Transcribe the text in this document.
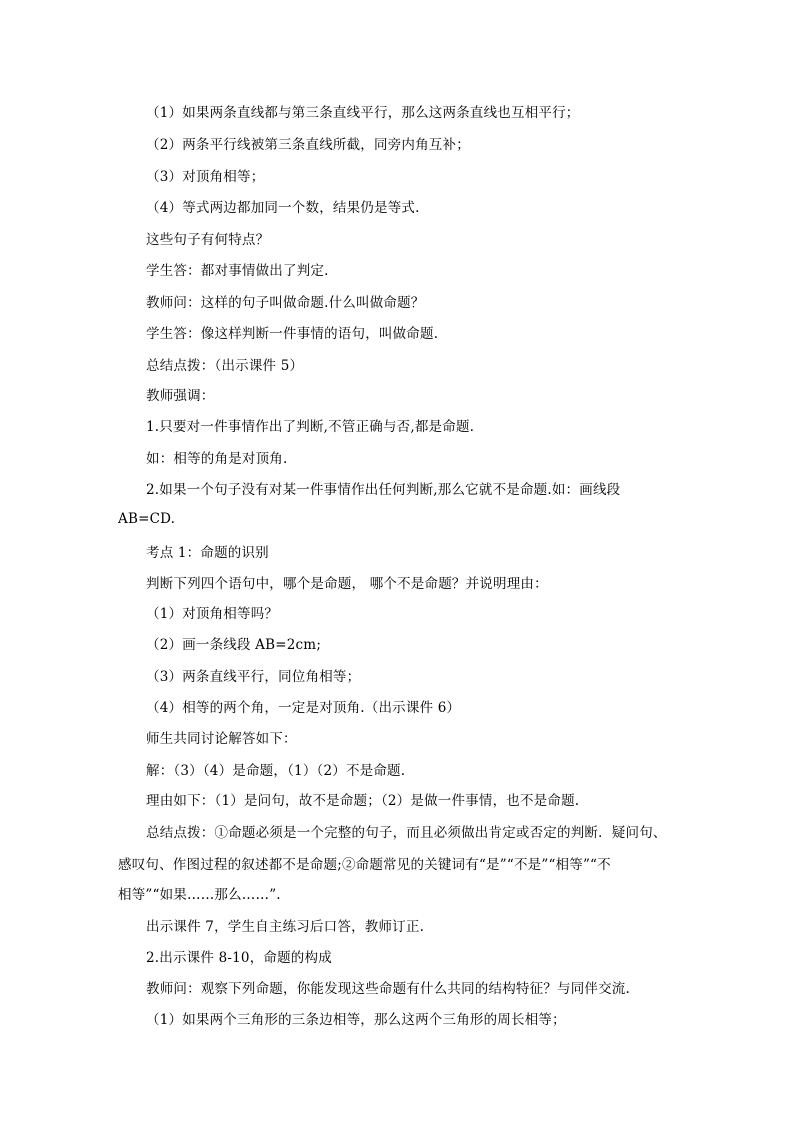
（1）如果两条直线都与第三条直线平行，那么这两条直线也互相平行；
（2）两条平行线被第三条直线所截，同旁内角互补；
（3）对顶角相等；
（4）等式两边都加同一个数，结果仍是等式.
这些句子有何特点？
学生答：都对事情做出了判定.
教师问：这样的句子叫做命题.什么叫做命题？
学生答：像这样判断一件事情的语句，叫做命题.
总结点拨：（出示课件 5）
教师强调：
1.只要对一件事情作出了判断,不管正确与否,都是命题.
如：相等的角是对顶角.
2.如果一个句子没有对某一件事情作出任何判断,那么它就不是命题.如：画线段
AB=CD.
考点 1：命题的识别
判断下列四个语句中，哪个是命题， 哪个不是命题？并说明理由：
（1）对顶角相等吗？
（2）画一条线段 AB=2cm;
（3）两条直线平行，同位角相等；
（4）相等的两个角，一定是对顶角.（出示课件 6）
师生共同讨论解答如下：
解：（3）（4）是命题，（1）（2）不是命题.
理由如下：（1）是问句，故不是命题；（2）是做一件事情，也不是命题.
总结点拨：①命题必须是一个完整的句子，而且必须做出肯定或否定的判断．疑问句、
感叹句、作图过程的叙述都不是命题;②命题常见的关键词有“是”“不是”“相等”“不
相等”“如果……那么……”.
出示课件 7，学生自主练习后口答，教师订正.
2.出示课件 8-10，命题的构成
教师问：观察下列命题，你能发现这些命题有什么共同的结构特征？与同伴交流.
（1）如果两个三角形的三条边相等，那么这两个三角形的周长相等；
